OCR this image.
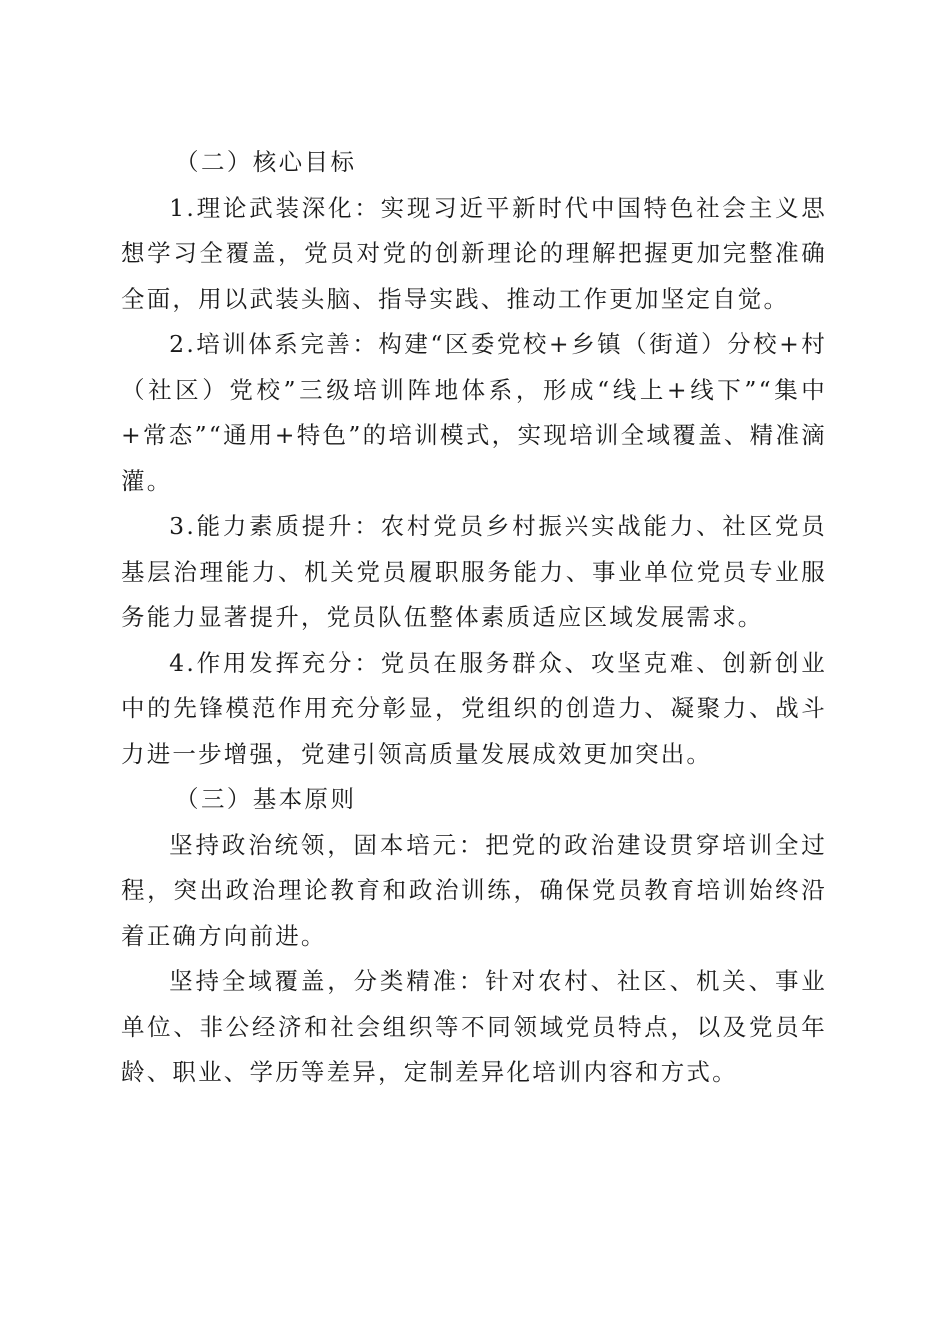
（二）核心目标

1.理论武装深化：实现习近平新时代中国特色社会主义思想学习全覆盖，党员对党的创新理论的理解把握更加完整准确全面，用以武装头脑、指导实践、推动工作更加坚定自觉。

2.培训体系完善：构建“区委党校+乡镇（街道）分校+村（社区）党校”三级培训阵地体系，形成“线上+线下”“集中+常态”“通用+特色”的培训模式，实现培训全域覆盖、精准滴灌。

3.能力素质提升：农村党员乡村振兴实战能力、社区党员基层治理能力、机关党员履职服务能力、事业单位党员专业服务能力显著提升，党员队伍整体素质适应区域发展需求。

4.作用发挥充分：党员在服务群众、攻坚克难、创新创业中的先锋模范作用充分彰显，党组织的创造力、凝聚力、战斗力进一步增强，党建引领高质量发展成效更加突出。

（三）基本原则

坚持政治统领，固本培元：把党的政治建设贯穿培训全过程，突出政治理论教育和政治训练，确保党员教育培训始终沿着正确方向前进。

坚持全域覆盖，分类精准：针对农村、社区、机关、事业单位、非公经济和社会组织等不同领域党员特点，以及党员年龄、职业、学历等差异，定制差异化培训内容和方式。
